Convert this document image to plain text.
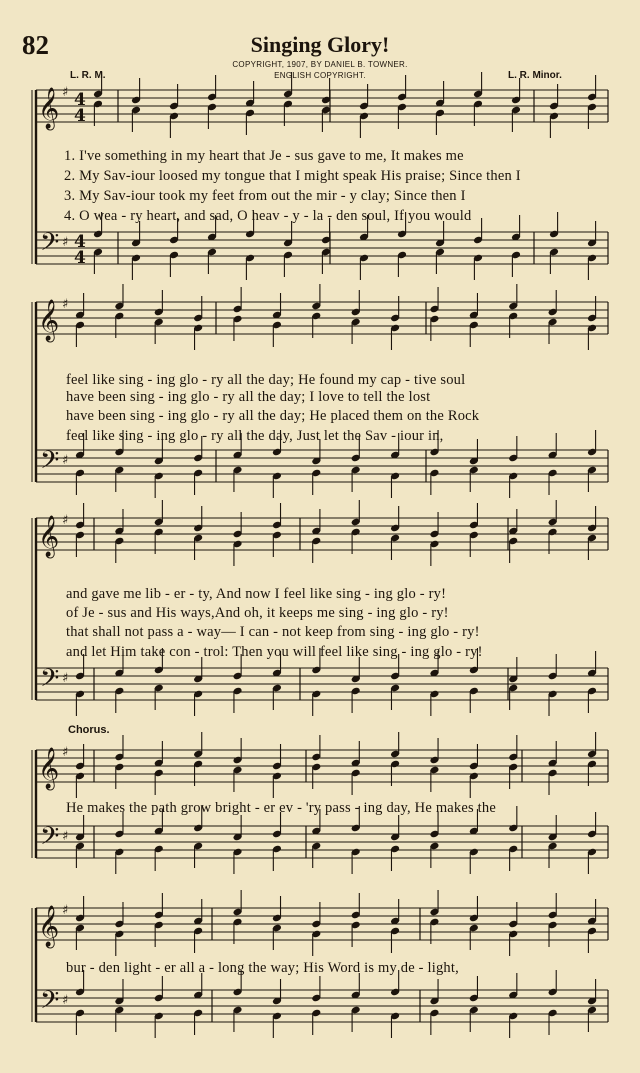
82	Singing Glory!
COPYRIGHT, 1907, BY DANIEL B. TOWNER.
ENGLISH COPYRIGHT.
L. R. M.	L. R. Minor.
1. I've something in my heart that Je - sus gave to me, It makes me
2. My Sav-iour loosed my tongue that I might speak His praise; Since then I
3. My Sav-iour took my feet from out the mir - y clay; Since then I
4. O wea - ry heart, and sad, O heav - y - la - den soul, If you would
feel like sing - ing glo - ry all the day; He found my cap - tive soul
have been sing - ing glo - ry all the day; I love to tell the lost
have been sing - ing glo - ry all the day; He placed them on the Rock
feel like sing - ing glo - ry all the day, Just let the Sav - iour in,
and gave me lib - er - ty, And now I feel like sing - ing glo - ry!
of Je - sus and His ways,And oh, it keeps me sing - ing glo - ry!
that shall not pass a - way— I can - not keep from sing - ing glo - ry!
and let Him take con - trol: Then you will feel like sing - ing glo - ry!
Chorus.
He makes the path grow bright - er ev - 'ry pass - ing day, He makes the
bur - den light - er all a - long the way; His Word is my de - light,
𝄞
𝄢
♯
♯
4
4
4
4
𝄞
𝄢
♯
♯
𝄞
𝄢
♯
♯
𝄞
𝄢
♯
♯
𝄞
𝄢
♯
♯
